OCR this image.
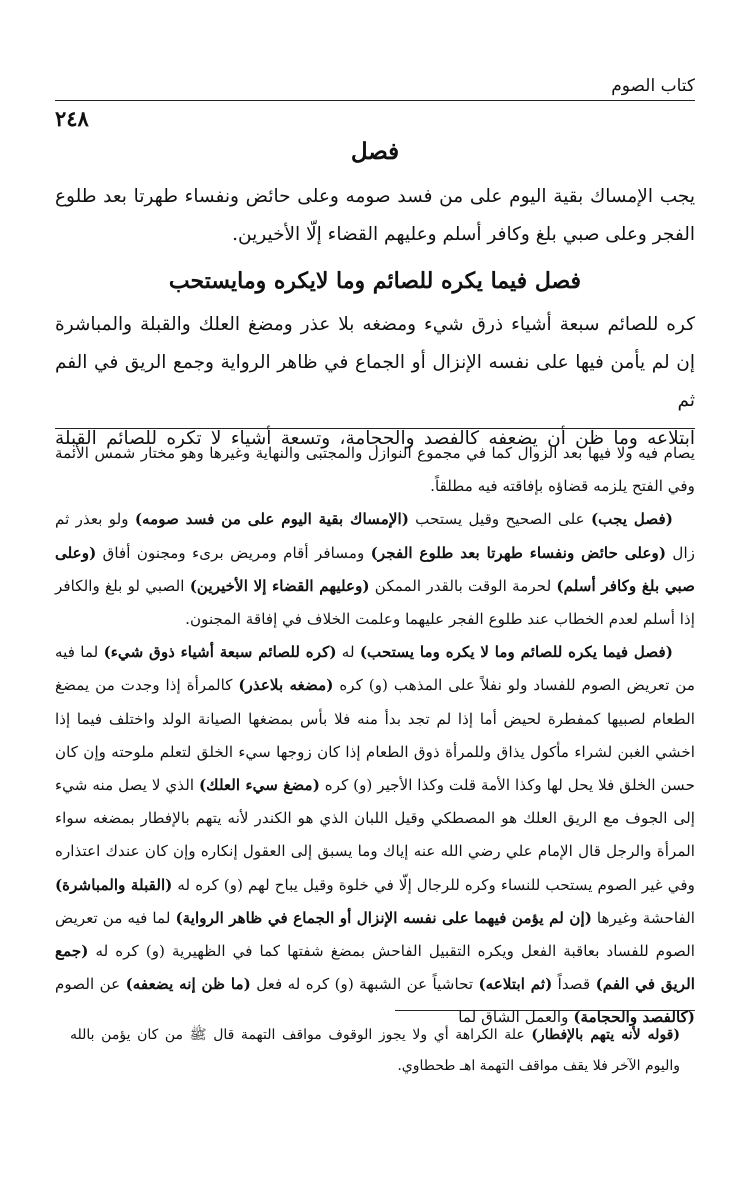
كتاب الصوم
٢٤٨
فصل

يجب الإمساك بقية اليوم على من فسد صومه وعلى حائض ونفساء طهرتا بعد طلوع الفجر وعلى صبي بلغ وكافر أسلم وعليهم القضاء إلّا الأخيرين.

فصل فيما يكره للصائم وما لايكره ومايستحب

كره للصائم سبعة أشياء ذرق شيء ومضغه بلا عذر ومضغ العلك والقبلة والمباشرة
إن لم يأمن فيها على نفسه الإنزال أو الجماع في ظاهر الرواية وجمع الريق في الفم ثم
ابتلاعه وما ظن أن يضعفه كالفصد والحجامة، وتسعة أشياء لا تكره للصائم القبلة

يصام فيه ولا فيها بعد الزوال كما في مجموع النوازل والمجتبى والنهاية وغيرها وهو مختار شمس الأئمة وفي الفتح يلزمه قضاؤه بإفاقته فيه مطلقاً.

(فصل يجب) على الصحيح وقيل يستحب (الإمساك بقية اليوم على من فسد صومه) ولو بعذر ثم زال (وعلى حائض ونفساء طهرتا بعد طلوع الفجر) ومسافر أقام ومريض برىء ومجنون أفاق (وعلى صبي بلغ وكافر أسلم) لحرمة الوقت بالقدر الممكن (وعليهم القضاء إلا الأخيرين) الصبي لو بلغ والكافر إذا أسلم لعدم الخطاب عند طلوع الفجر عليهما وعلمت الخلاف في إفاقة المجنون.

(فصل فيما يكره للصائم وما لا يكره وما يستحب) له (كره للصائم سبعة أشياء ذوق شيء) لما فيه من تعريض الصوم للفساد ولو نفلاً على المذهب (و) كره (مضغه بلاعذر) كالمرأة إذا وجدت من يمضغ الطعام لصبيها كمفطرة لحيض أما إذا لم تجد بدأ منه فلا بأس بمضغها الصيانة الولد واختلف فيما إذا اخشي الغبن لشراء مأكول يذاق وللمرأة ذوق الطعام إذا كان زوجها سيء الخلق لتعلم ملوحته وإن كان حسن الخلق فلا يحل لها وكذا الأمة قلت وكذا الأجير (و) كره (مضغ سيء العلك) الذي لا يصل منه شيء إلى الجوف مع الريق العلك هو المصطكي وقيل اللبان الذي هو الكندر لأنه يتهم بالإفطار بمضغه سواء المرأة والرجل قال الإمام علي رضي الله عنه إياك وما يسبق إلى العقول إنكاره وإن كان عندك اعتذاره وفي غير الصوم يستحب للنساء وكره للرجال إلّا في خلوة وقيل يباح لهم (و) كره له (القبلة والمباشرة) الفاحشة وغيرها (إن لم يؤمن فيهما على نفسه الإنزال أو الجماع في ظاهر الرواية) لما فيه من تعريض الصوم للفساد بعاقبة الفعل ويكره التقبيل الفاحش بمضغ شفتها كما في الظهيرية (و) كره له (جمع الريق في الفم) قصداً (ثم ابتلاعه) تحاشياً عن الشبهة (و) كره له فعل (ما ظن إنه يضعفه) عن الصوم (كالفصد والحجامة) والعمل الشاق لما

(قوله لأنه يتهم بالإفطار) علة الكراهة أي ولا يجوز الوقوف مواقف التهمة قال ﷺ من كان يؤمن بالله واليوم الآخر فلا يقف مواقف التهمة اهـ طحطاوي.
